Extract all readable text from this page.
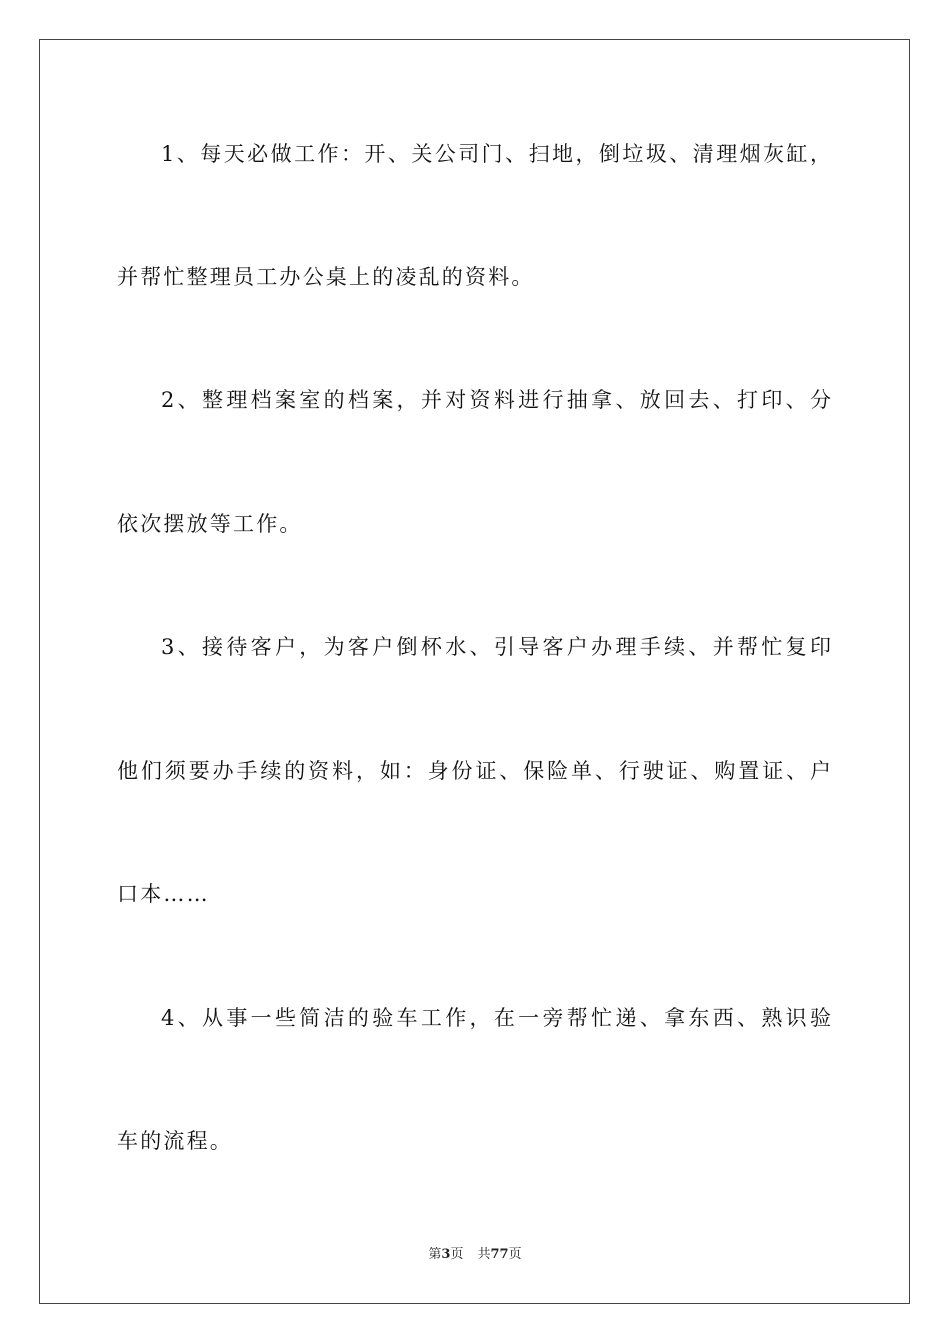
1、每天必做工作：开、关公司门、扫地，倒垃圾、清理烟灰缸，
并帮忙整理员工办公桌上的凌乱的资料。
2、整理档案室的档案，并对资料进行抽拿、放回去、打印、分
依次摆放等工作。
3、接待客户，为客户倒杯水、引导客户办理手续、并帮忙复印
他们须要办手续的资料，如：身份证、保险单、行驶证、购置证、户
口本……
4、从事一些简洁的验车工作，在一旁帮忙递、拿东西、熟识验
车的流程。
第3页 共77页
